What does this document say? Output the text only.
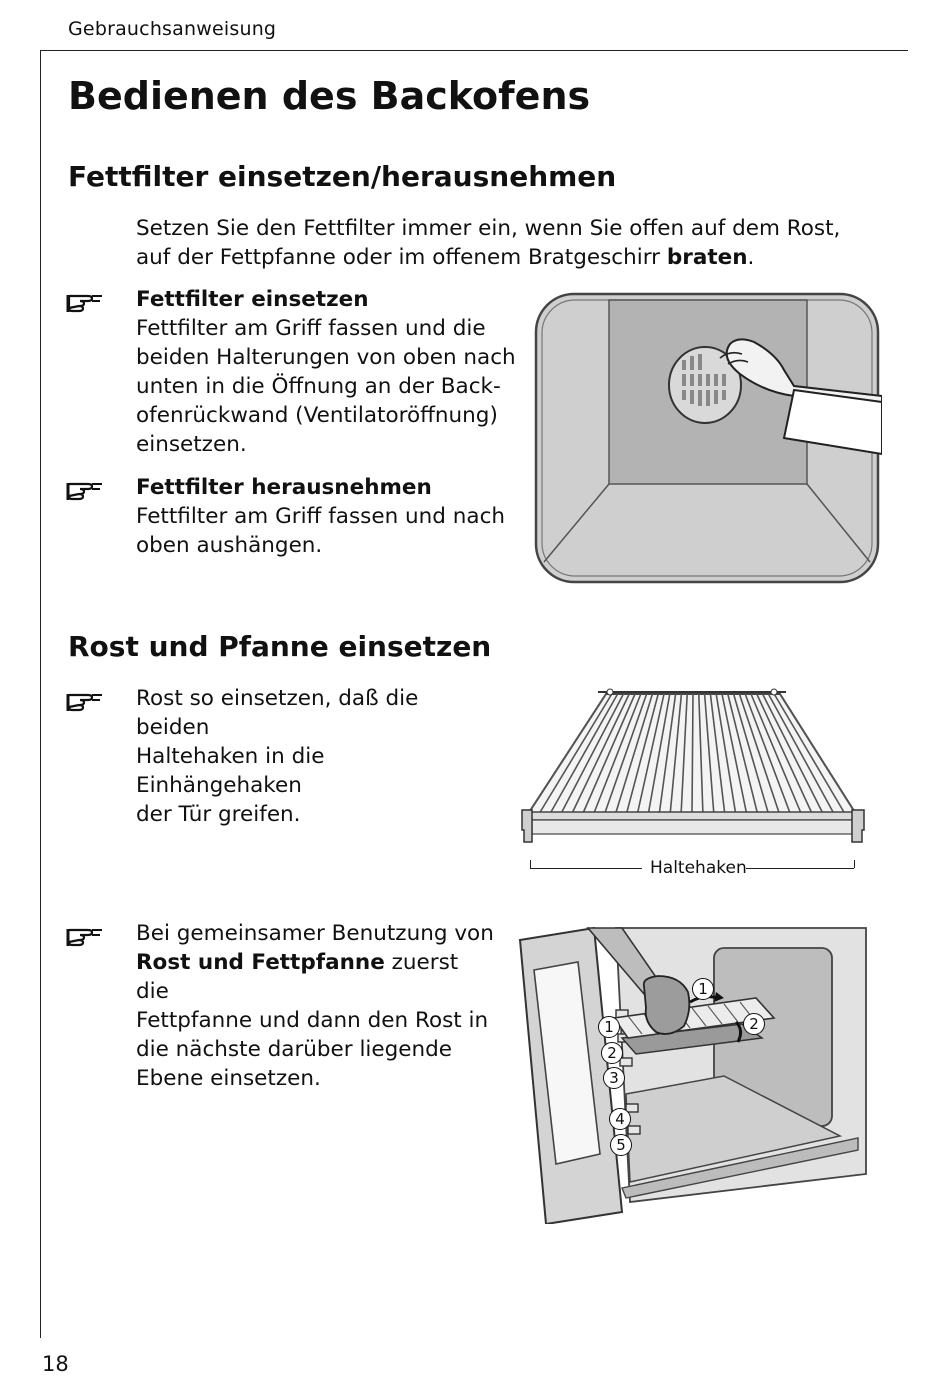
Gebrauchsanweisung
Bedienen des Backofens
Fettfilter einsetzen/herausnehmen
Setzen Sie den Fettfilter immer ein, wenn Sie offen auf dem Rost, auf der Fettpfanne oder im offenem Bratgeschirr braten.
Fettfilter einsetzen
Fettfilter am Griff fassen und die
beiden Halterungen von oben nach
unten in die Öffnung an der Back-
ofenrückwand (Ventilatoröffnung)
einsetzen.
Fettfilter herausnehmen
Fettfilter am Griff fassen und nach
oben aushängen.
Rost und Pfanne einsetzen
Rost so einsetzen, daß die beiden
Haltehaken in die Einhängehaken
der Tür greifen.
Haltehaken
Bei gemeinsamer Benutzung von
Rost und Fettpfanne zuerst die
Fettpfanne und dann den Rost in
die nächste darüber liegende
Ebene einsetzen.
1
2
1
2
3
4
5
18
